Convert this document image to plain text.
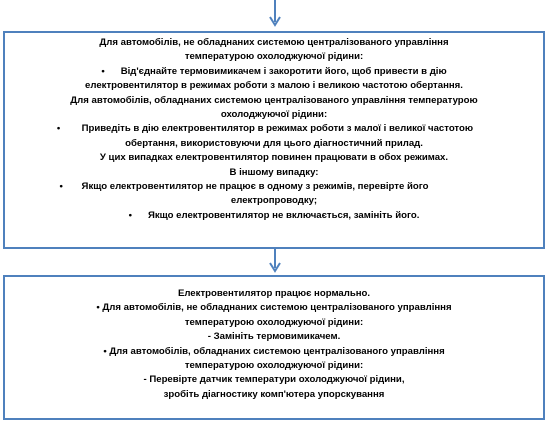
Для автомобілів, не обладнаних системою централізованого управління
температурою охолоджуючої рідини:
• Від'єднайте термовимикачем і закоротити його, щоб привести в дію
електровентилятор в режимах роботи з малою і великою частотою обертання.
Для автомобілів, обладнаних системою централізованого управління температурою
охолоджуючої рідини:
• Приведіть в дію електровентилятор в режимах роботи з малої і великої частотою
обертання, використовуючи для цього діагностичний прилад.
У цих випадках електровентилятор повинен працювати в обох режимах.
В іншому випадку:
• Якщо електровентилятор не працює в одному з режимів, перевірте його
електропроводку;
• Якщо електровентилятор не включається, замініть його.
Електровентилятор працює нормально.
• Для автомобілів, не обладнаних системою централізованого управління
температурою охолоджуючої рідини:
- Замініть термовимикачем.
• Для автомобілів, обладнаних системою централізованого управління
температурою охолоджуючої рідини:
- Перевірте датчик температури охолоджуючої рідини,
зробіть діагностику комп'ютера упорскування
